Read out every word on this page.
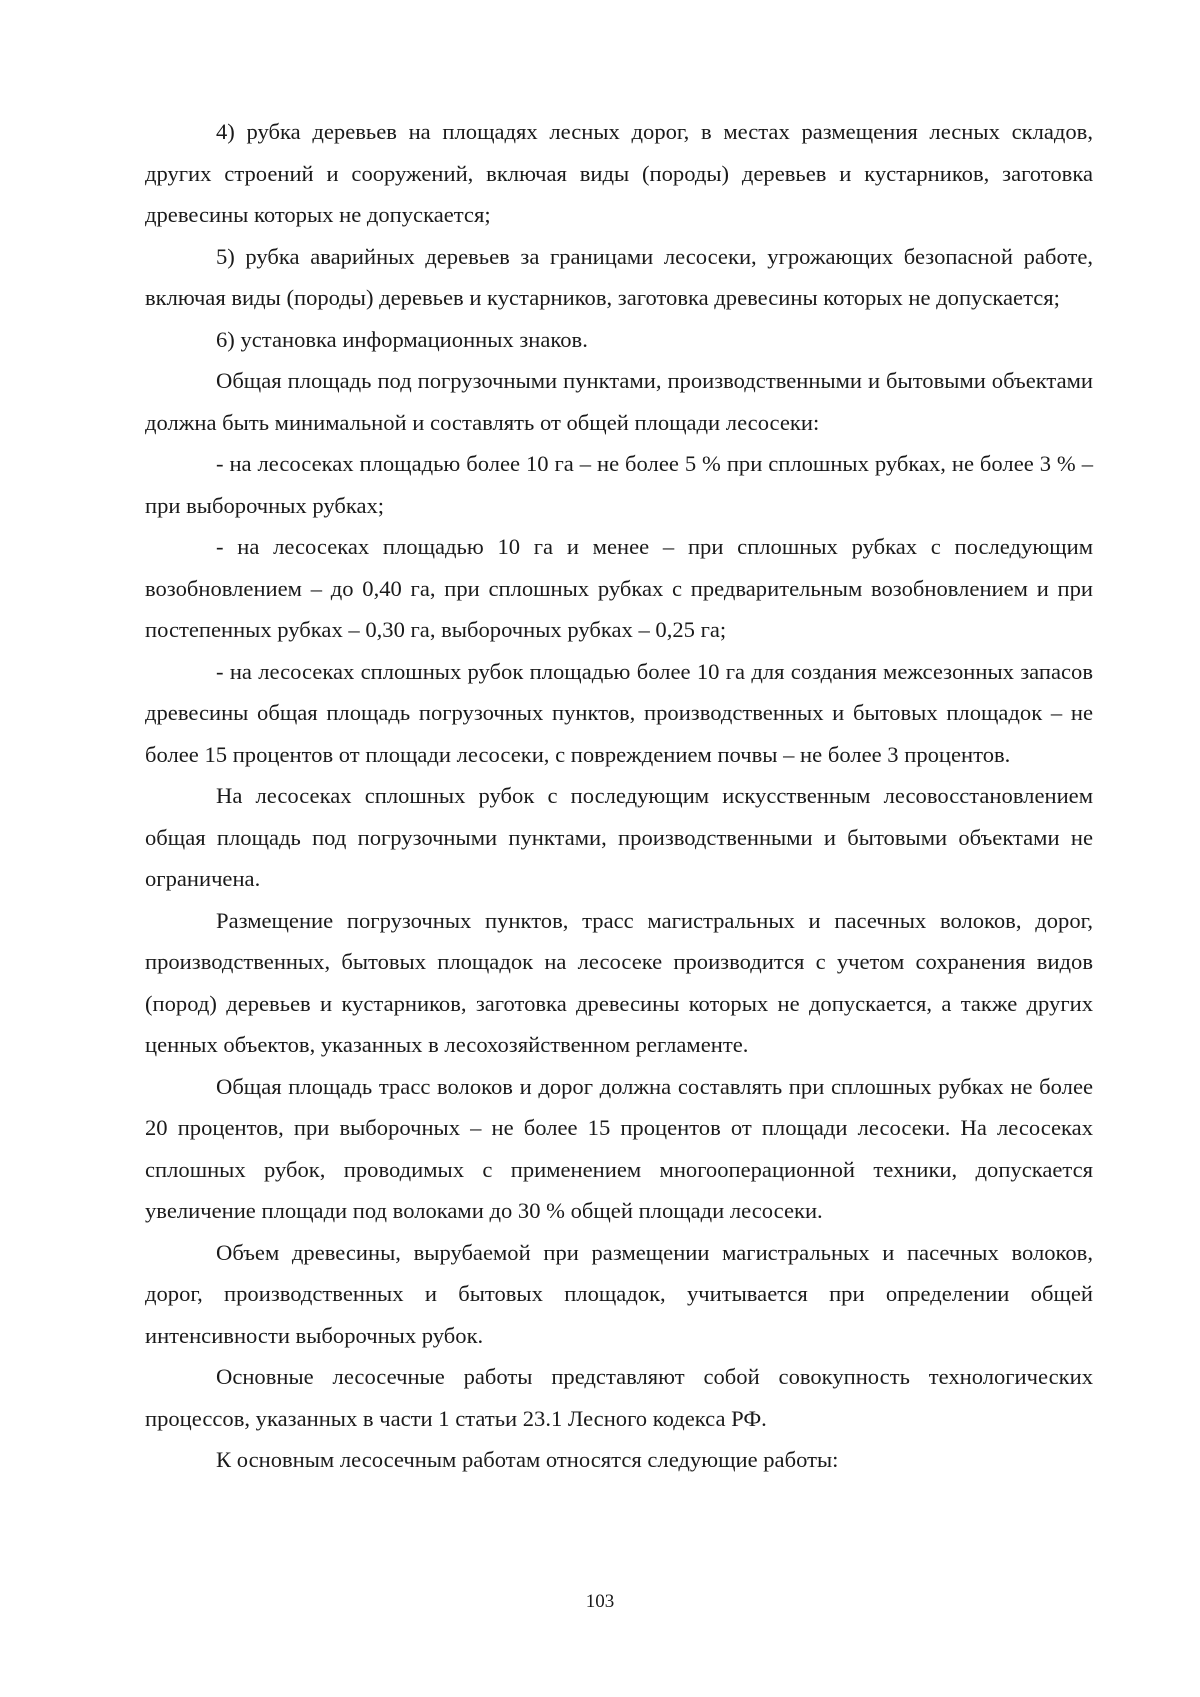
4) рубка деревьев на площадях лесных дорог, в местах размещения лесных складов, других строений и сооружений, включая виды (породы) деревьев и кустарников, заготовка древесины которых не допускается;

5) рубка аварийных деревьев за границами лесосеки, угрожающих безопасной работе, включая виды (породы) деревьев и кустарников, заготовка древесины которых не допускается;

6) установка информационных знаков.

Общая площадь под погрузочными пунктами, производственными и бытовыми объектами должна быть минимальной и составлять от общей площади лесосеки:

- на лесосеках площадью более 10 га – не более 5 % при сплошных рубках, не более 3 % – при выборочных рубках;

- на лесосеках площадью 10 га и менее – при сплошных рубках с последующим возобновлением – до 0,40 га, при сплошных рубках с предварительным возобновлением и при постепенных рубках – 0,30 га, выборочных рубках – 0,25 га;

- на лесосеках сплошных рубок площадью более 10 га для создания межсезонных запасов древесины общая площадь погрузочных пунктов, производственных и бытовых площадок – не более 15 процентов от площади лесосеки, с повреждением почвы – не более 3 процентов.

На лесосеках сплошных рубок с последующим искусственным лесовосстановлением общая площадь под погрузочными пунктами, производственными и бытовыми объектами не ограничена.

Размещение погрузочных пунктов, трасс магистральных и пасечных волоков, дорог, производственных, бытовых площадок на лесосеке производится с учетом сохранения видов (пород) деревьев и кустарников, заготовка древесины которых не допускается, а также других ценных объектов, указанных в лесохозяйственном регламенте.

Общая площадь трасс волоков и дорог должна составлять при сплошных рубках не более 20 процентов, при выборочных – не более 15 процентов от площади лесосеки. На лесосеках сплошных рубок, проводимых с применением многооперационной техники, допускается увеличение площади под волоками до 30 % общей площади лесосеки.

Объем древесины, вырубаемой при размещении магистральных и пасечных волоков, дорог, производственных и бытовых площадок, учитывается при определении общей интенсивности выборочных рубок.

Основные лесосечные работы представляют собой совокупность технологических процессов, указанных в части 1 статьи 23.1 Лесного кодекса РФ.

К основным лесосечным работам относятся следующие работы:

103
